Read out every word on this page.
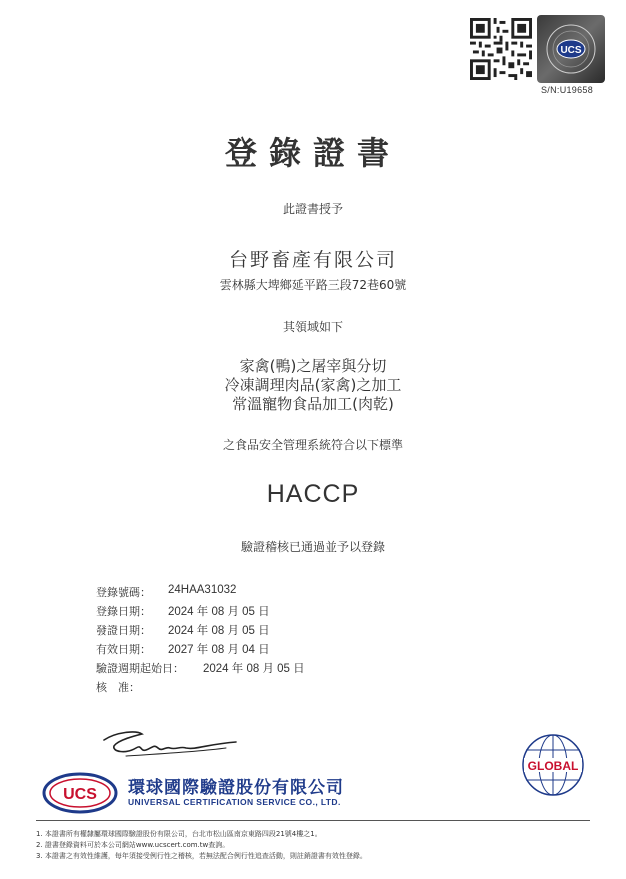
UCS
S/N:U19658
登錄證書
此證書授予
台野畜產有限公司
雲林縣大埤鄉延平路三段72巷60號
其領域如下
家禽(鴨)之屠宰與分切
冷凍調理肉品(家禽)之加工
常溫寵物食品加工(肉乾)
之食品安全管理系統符合以下標準
HACCP
驗證稽核已通過並予以登錄
登錄號碼：	24HAA31032
登錄日期：	2024 年 08 月 05 日
發證日期：	2024 年 08 月 05 日
有效日期：	2027 年 08 月 04 日
驗證週期起始日：	2024 年 08 月 05 日
核　准：
UCS 環球國際驗證股份有限公司
UNIVERSAL CERTIFICATION SERVICE CO., LTD.
GLOBAL
1. 本證書所有權隸屬環球國際驗證股份有限公司，台北市松山區南京東路四段21號4樓之1。
2. 證書登錄資料可於本公司網站www.ucscert.com.tw查詢。
3. 本證書之有效性維護，每年須接受例行性之稽核，若無法配合例行性追查活動，則註銷證書有效性登錄。
